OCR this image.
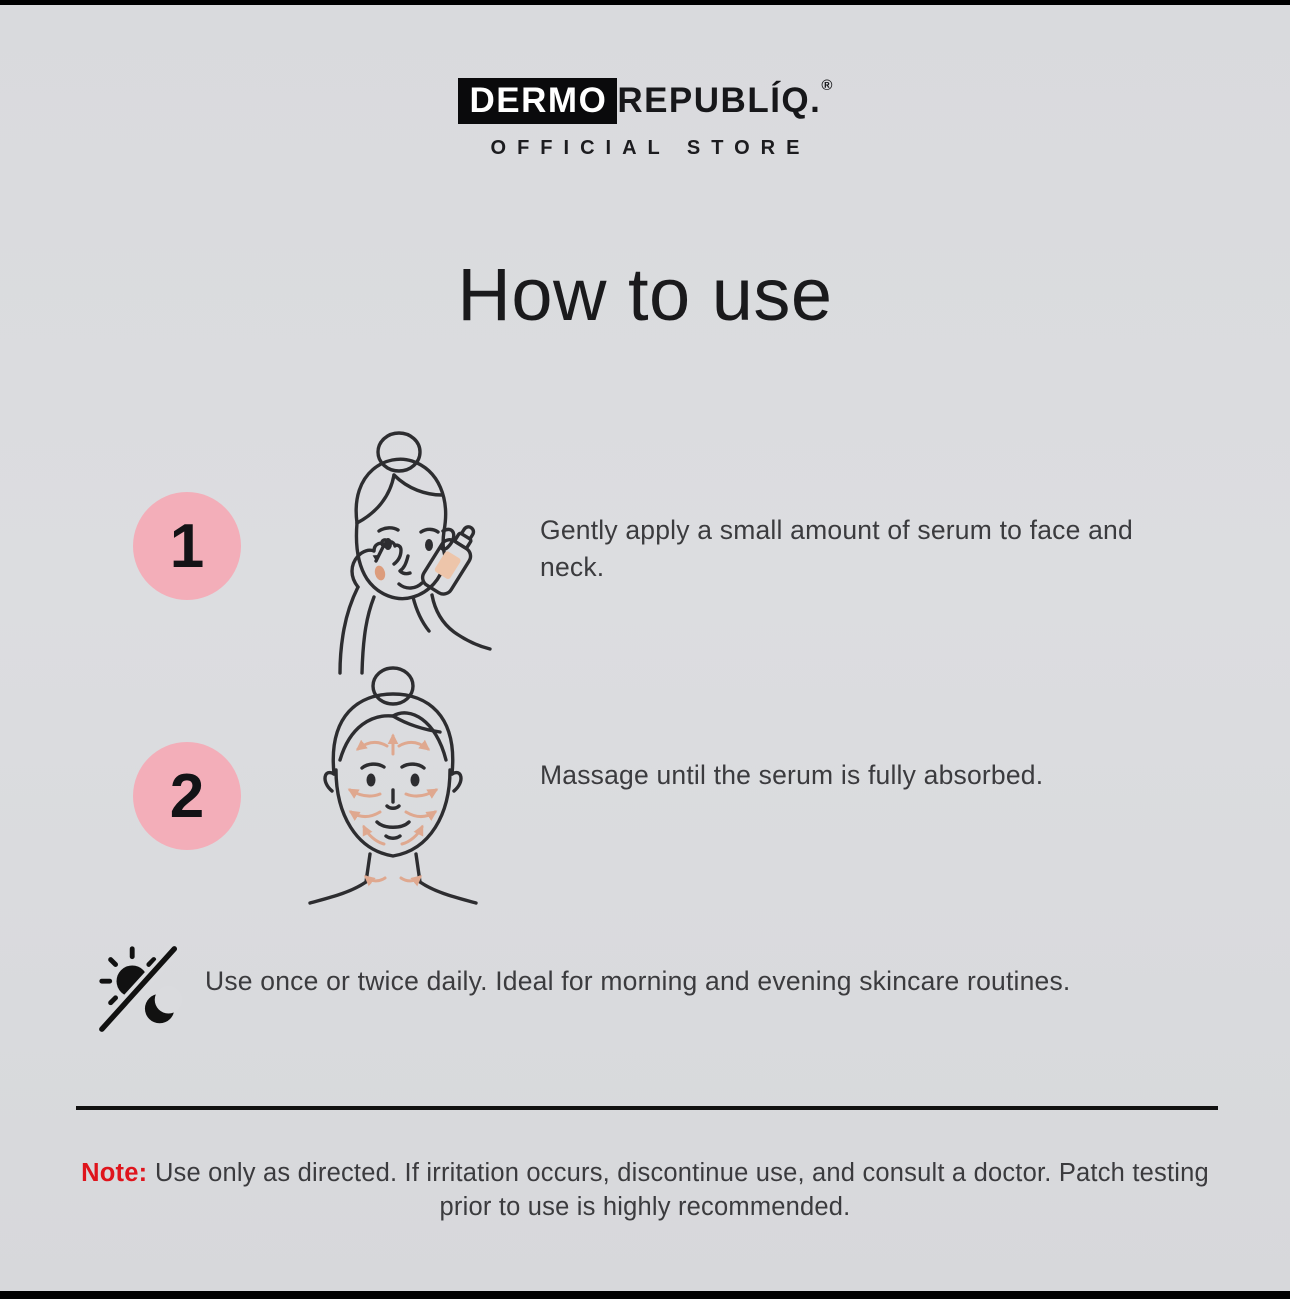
DERMO REPUBLÍQ. ®
OFFICIAL STORE
How to use
1	Gently apply a small amount of serum to face and neck.
2	Massage until the serum is fully absorbed.
Use once or twice daily. Ideal for morning and evening skincare routines.
Note: Use only as directed. If irritation occurs, discontinue use, and consult a doctor. Patch testing prior to use is highly recommended.
